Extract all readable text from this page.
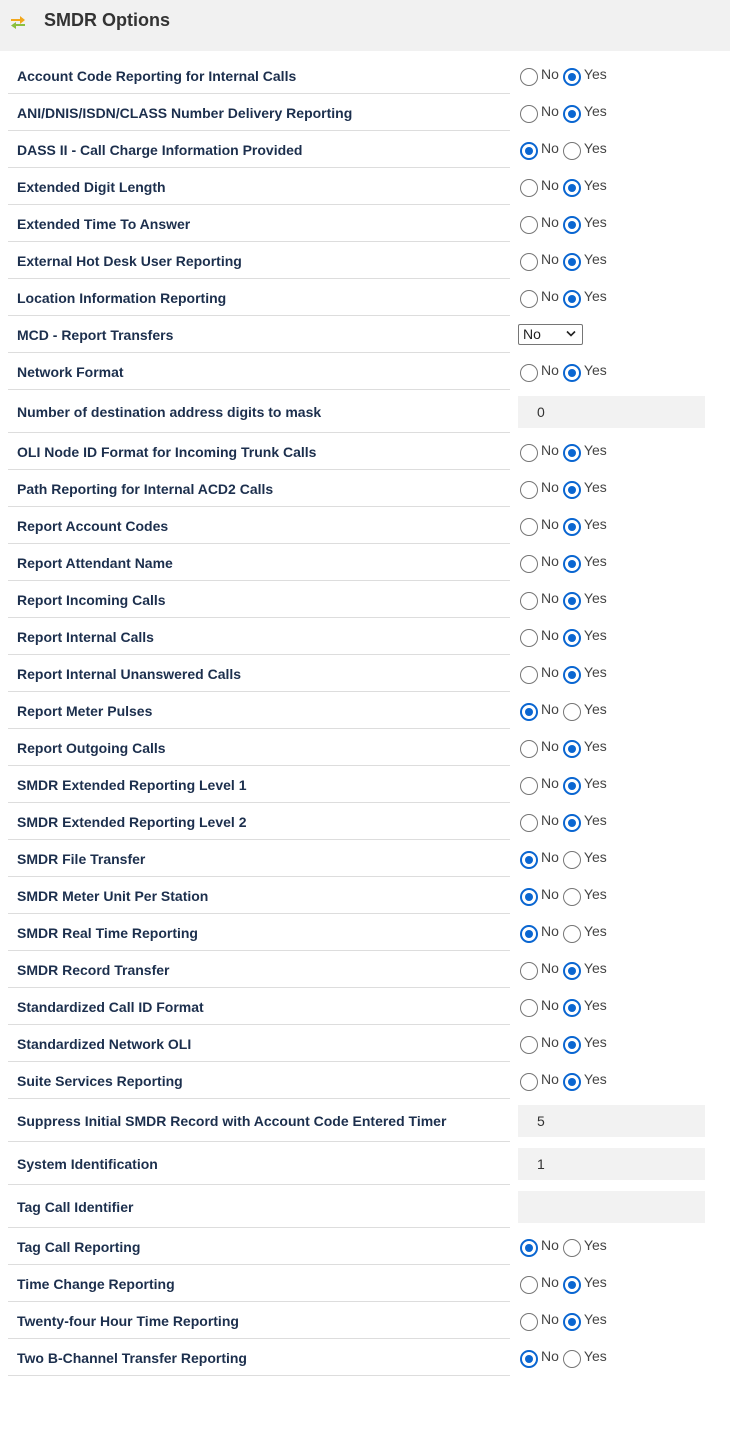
SMDR Options
Account Code Reporting for Internal Calls	No Yes
ANI/DNIS/ISDN/CLASS Number Delivery Reporting	No Yes
DASS II - Call Charge Information Provided	No Yes
Extended Digit Length	No Yes
Extended Time To Answer	No Yes
External Hot Desk User Reporting	No Yes
Location Information Reporting	No Yes
MCD - Report Transfers	No
Network Format	No Yes
Number of destination address digits to mask	0
OLI Node ID Format for Incoming Trunk Calls	No Yes
Path Reporting for Internal ACD2 Calls	No Yes
Report Account Codes	No Yes
Report Attendant Name	No Yes
Report Incoming Calls	No Yes
Report Internal Calls	No Yes
Report Internal Unanswered Calls	No Yes
Report Meter Pulses	No Yes
Report Outgoing Calls	No Yes
SMDR Extended Reporting Level 1	No Yes
SMDR Extended Reporting Level 2	No Yes
SMDR File Transfer	No Yes
SMDR Meter Unit Per Station	No Yes
SMDR Real Time Reporting	No Yes
SMDR Record Transfer	No Yes
Standardized Call ID Format	No Yes
Standardized Network OLI	No Yes
Suite Services Reporting	No Yes
Suppress Initial SMDR Record with Account Code Entered Timer	5
System Identification	1
Tag Call Identifier
Tag Call Reporting	No Yes
Time Change Reporting	No Yes
Twenty-four Hour Time Reporting	No Yes
Two B-Channel Transfer Reporting	No Yes
